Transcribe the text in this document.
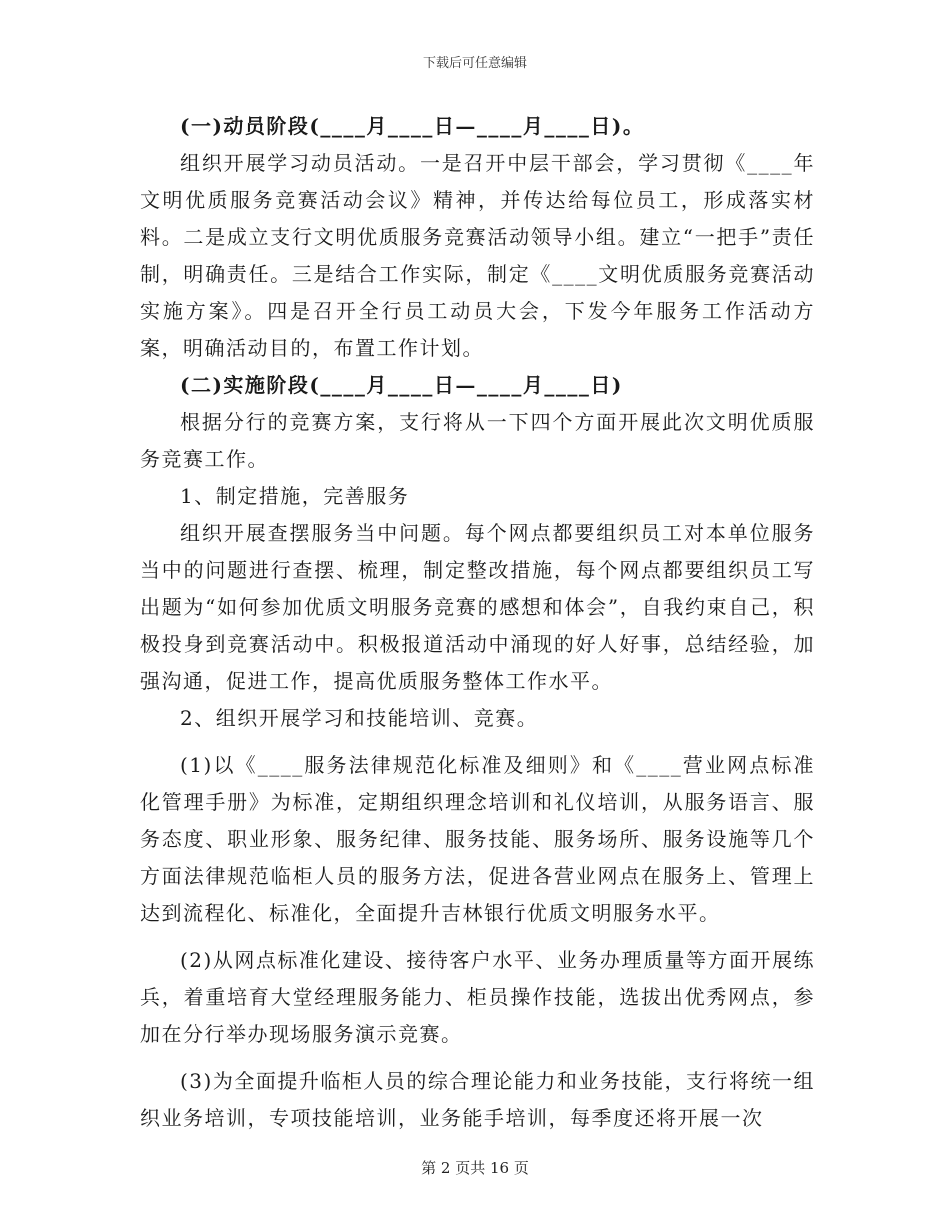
下载后可任意编辑

(一)动员阶段(____月____日—____月____日)。

组织开展学习动员活动。一是召开中层干部会，学习贯彻《____年文明优质服务竞赛活动会议》精神，并传达给每位员工，形成落实材料。二是成立支行文明优质服务竞赛活动领导小组。建立“一把手”责任制，明确责任。三是结合工作实际，制定《____文明优质服务竞赛活动实施方案》。四是召开全行员工动员大会，下发今年服务工作活动方案，明确活动目的，布置工作计划。

(二)实施阶段(____月____日—____月____日)

根据分行的竞赛方案，支行将从一下四个方面开展此次文明优质服务竞赛工作。

1、制定措施，完善服务

组织开展查摆服务当中问题。每个网点都要组织员工对本单位服务当中的问题进行查摆、梳理，制定整改措施，每个网点都要组织员工写出题为“如何参加优质文明服务竞赛的感想和体会”，自我约束自己，积极投身到竞赛活动中。积极报道活动中涌现的好人好事，总结经验，加强沟通，促进工作，提高优质服务整体工作水平。

2、组织开展学习和技能培训、竞赛。

(1)以《____服务法律规范化标准及细则》和《____营业网点标准化管理手册》为标准，定期组织理念培训和礼仪培训，从服务语言、服务态度、职业形象、服务纪律、服务技能、服务场所、服务设施等几个方面法律规范临柜人员的服务方法，促进各营业网点在服务上、管理上达到流程化、标准化，全面提升吉林银行优质文明服务水平。

(2)从网点标准化建设、接待客户水平、业务办理质量等方面开展练兵，着重培育大堂经理服务能力、柜员操作技能，选拔出优秀网点，参加在分行举办现场服务演示竞赛。

(3)为全面提升临柜人员的综合理论能力和业务技能，支行将统一组织业务培训，专项技能培训，业务能手培训，每季度还将开展一次

第 2 页共 16 页
